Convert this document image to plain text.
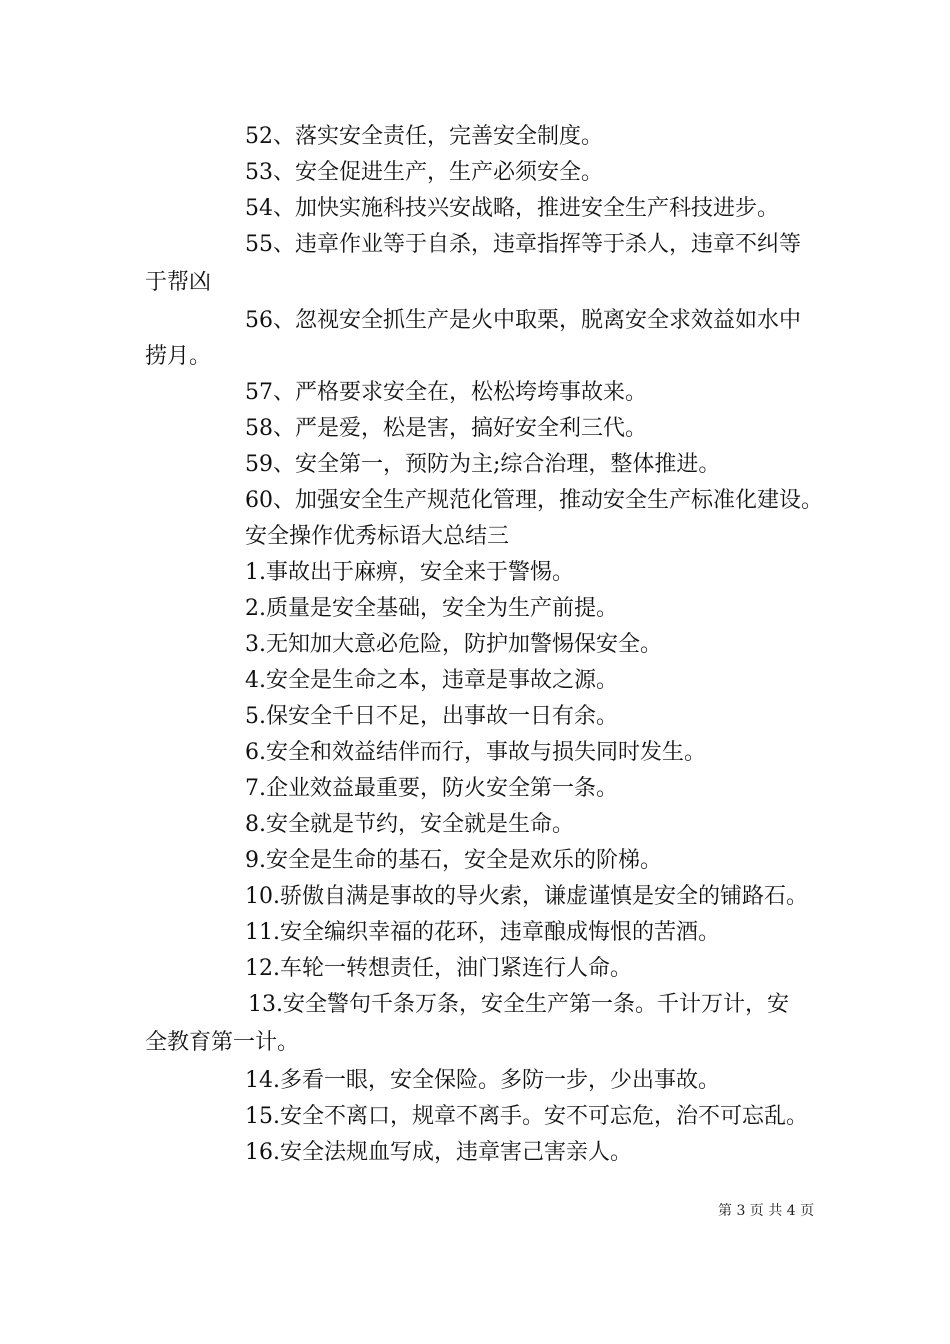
52、落实安全责任，完善安全制度。
53、安全促进生产，生产必须安全。
54、加快实施科技兴安战略，推进安全生产科技进步。
55、违章作业等于自杀，违章指挥等于杀人，违章不纠等
于帮凶
56、忽视安全抓生产是火中取栗，脱离安全求效益如水中
捞月。
57、严格要求安全在，松松垮垮事故来。
58、严是爱，松是害，搞好安全利三代。
59、安全第一，预防为主;综合治理，整体推进。
60、加强安全生产规范化管理，推动安全生产标准化建设。
安全操作优秀标语大总结三
1.事故出于麻痹，安全来于警惕。
2.质量是安全基础，安全为生产前提。
3.无知加大意必危险，防护加警惕保安全。
4.安全是生命之本，违章是事故之源。
5.保安全千日不足，出事故一日有余。
6.安全和效益结伴而行，事故与损失同时发生。
7.企业效益最重要，防火安全第一条。
8.安全就是节约，安全就是生命。
9.安全是生命的基石，安全是欢乐的阶梯。
10.骄傲自满是事故的导火索，谦虚谨慎是安全的铺路石。
11.安全编织幸福的花环，违章酿成悔恨的苦酒。
12.车轮一转想责任，油门紧连行人命。
13.安全警句千条万条，安全生产第一条。千计万计，安
全教育第一计。
14.多看一眼，安全保险。多防一步，少出事故。
15.安全不离口，规章不离手。安不可忘危，治不可忘乱。
16.安全法规血写成，违章害己害亲人。
第 3 页 共 4 页
